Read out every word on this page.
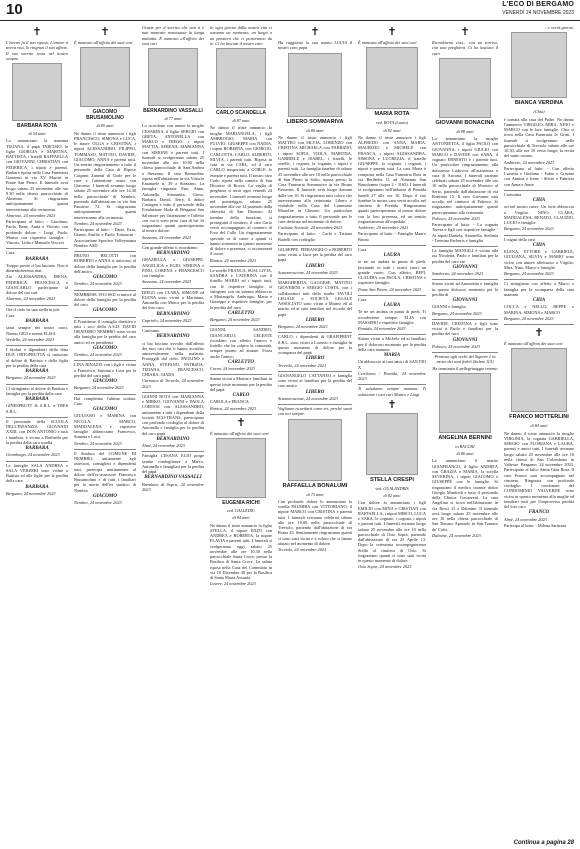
10	L'ECO DI BERGAMO
VENERDÌ 24 NOVEMBRE 2023
✝
L'eterno fa il suo riposo. L'amore ti aveva vita, lo ringrazi il suo affetto. Il suo sorriso resta nel nostro sempre.
BARBARA ROTA
di 54 anni
Lo annunciano la mamma TIZIANA, il papà TARCISIO, le figlie GIORGIA e MARTINA, BATTISTA, i fratelli RAFFAELLA con GIOVANNI, CHRISTIAN con FEDERICA, i nipoti e parenti. Barbara riposa nella Casa Funeraria Gonzenti in via XV Martiri in Ponte San Pietro. Il funerale avrà luogo sabato 25 novembre alle ore 9.30 nella chiesa parrocchiale di Almenno. Si ringraziano anticipatamente quanti interverranno alla cerimonia.
Almenno, 24 novembre 2023
Partecipano al lutto: - Giordano, Paola, Bene, Anna e Vittorio con profondo dolore - Luigi, Paola, Marisa con rispettive famiglie - Vittorio, Lidia e Manuela Vescovi
Cara
BARBARA
Troppo presto ci hai lasciato. Non ti dimenticheremo mai.
Zia ALESSANDRA, IRENA, FEDERICA, FRANCESCA e GIANCARLO partecipano al dolore del tuo cari.
Almenno, 24 novembre 2023
Ora il cielo ha una stella in più.
Cara
BARBARA
sarai sempre nei nostri cuori. Nonno GIGI e nonna ELISA
Verdello, 24 novembre 2023
I titolari e dipendenti della ditta DUE ORTOFRUTTA si uniscono al dolore di Battista e della figlia per la perdita della cara
BARBARA
Bergamo, 24 novembre 2023
Ci stringiamo al dolore di Battista e famiglia per la perdita della cara
BARBARA
GINESPRUTT & S.R.L. e TRES S.R.L.
Il personale della SCUOLA DELL'INFANZIA GIOVANNI XXIII, con DON ANTONIO e tutti i bambini, è vicino a Raffaella per la perdita della cara sorella
BARBARA
Gromlongo, 24 novembre 2023
Le famiglie SALA ANDREA e SALA VERZERI sono vicine a Battista ed alle figlie per la perdita della cara
BARBARA
Bergamo, 24 novembre 2023
✝
È mancato all'affetto dei suoi cari
GIACOMO BRUSAMOLINO
di 85 anni
Ne danno il triste annuncio i figli FRANCESCO, SIMONA e LUCA, le nuore OLGA e CRISTINA, i nipoti ALESSANDRO, FILIPPO, TOMMASO, MATTEO, DAVIDE, GIACOMO, ANNA e parenti tutti. Un sentito ringraziamento a tutto il personale della Casa di Riposo Casprini Zanenti di Gorle per le cure e l'attenzione avute con Giacomo. I funerali avranno luogo sabato 25 novembre alle ore 14.30 nella parrocchiale di Nembro, partendo dall'abitazione in via San Faustino 72. Si ringraziano anticipatamente quanti interverranno alla cerimonia.
Nembro, 24 novembre 2023
Partecipano al lutto: - Dario, Ezio, Gianni, Emilio e Paolo Tomasoni - Associazione Sportiva Volleymania Nembro ASD
BRUNO BELOTTI con ROBERTO e ANNA si uniscono al dolore della famiglia per la perdita dell'amico
GIACOMO
Nembro, 24 novembre 2023
NEMBRESE 1913 SSD si unisce al dolore della famiglia per la perdita del caro
GIACOMO
Il Presidente, il consiglio direttivo e tutti i soci della A.S.D. DAVID ORATORIO NEMBRO sono vicini alla famiglia per la perdita del caro amico ed ex presidente
GIACOMO
Nembro, 24 novembre 2023
LINA RINAZZI con i figli è vicina a Francesco, Simona e Luca per la perdita del caro papà
GIACOMO
Bergamo, 24 novembre 2023
Hai completato l'ultima scalata. Ciao
GIACOMO
GIULIANO e MARINA con NICOLA, MARCO, MADDALENA e rispettive famiglie abbracciano Francesco, Simona e Luca.
Nembro, 24 novembre 2023
Il Sindaco del COMUNE DI NEMBRO, unitamente agli assessori, consiglieri e dipendenti tutti, partecipa sentitamente al dolore dell'ex-assessore Francesco Brusamolino e di tutti i familiari per la morte dell'ex sindaco di Nembro
GIACOMO
Nembro, 24 novembre 2023
Grazie per il sorriso che non ti è mai mancato nonostante la lunga malattia. È mancato all'affetto dei suoi cari
BERNARDINO VASSALLI
di 77 anni
Lo ricordano con amore la moglie CESARINA, il figlio SERGIO con GRETA, ANTONELLA con MARCO e DIEGO, i nipoti MATTIA, SERENA, MARIANNA con SIMONE e parenti tutti. I funerali si svolgeranno sabato 25 novembre alle ore 10.00 nella chiesa parrocchiale di Sant'Andrea a Stezzano. Il caro Bernardino riposa nell'abitazione in via Vittorio Emanuele n. 39 a Stezzano. La famiglia ringrazia Ena, Anna, Antonella, Simonetta, Gioso, Barbara, David, Terry, il dottor Castagna e tutto il personale della Fondazione Hoda di Bérgamo San Salvatore per l'attenzione e l'affetto con cui si sono presi cura di lui. Si ringraziano quanti parteciperanno al nostro dolore.
Stezzano, 24 novembre 2023
Con grande affetto ti ricordiamo
BERNARDINO
GRAZIELLA e GIUSEPPE, ANGELICA e EGIO, SIMONA e PINO, LORENA e FRANCESCO con famiglie.
Stezzano, 24 novembre 2023
DIEGO con CLARA, SIMONE ed ELENA sono vicini a Marianna, Antonella con Marco per la perdita del loro caro
BERNARDINO
Capriolo, 24 novembre 2023
Carissimo
BERNARDINO
ci hai lasciato avvolto dall'affetto dei tuoi cari che ti hanno accudito amorevolmente nella malattia. Protoggili dal cielo. PAOLINO e ANNA, STEFANO, PATRIZIA, TIZIANA, FRANCESCO, CHIARA, GIADA
Curnasco di Treviolo, 24 novembre 2023
GIANNI ROTA con MARIANNA e MIRKO, GIOVANNI e PAOLA CORTESI con ALESSANDRO, unitamente a tutti i dipendenti della società ECO-TRANS, partecipano con profondo cordoglio al dolore di Antonella e famiglia per la perdita del caro papà
BERNARDINO
Almè, 24 novembre 2023
Famiglia CESANA ELIO porge sentite condoglianze a Marco, Antonella e famigliari per la perdita del papà
BERNARDINO VASSALLI
Brembate di Sopra, 24 novembre 2023
In ogni giorno dalla nostra vita ci saranno un momento, un luogo o un pensiero che ci porteranno da te. Ci ha lasciati il nostro caro
CARLO SCANDELLA
di 87 anni
Ne danno il triste annuncio la moglie MARIANGELA, i figli AMBROGIO, MARIA con FULVIO, GIUSEPPE con NADIA, i nipoti ROBERTA, con GIORGIO, CARLOTTA, CARLO, ALBERTO, SILVIA, i parenti tutti. Riposa in casa in via CARL, ed il caro CARLO trasportato a GORLE, le esequie e parenti tutti. Il nostro caro Carlo riposa nella camera di San Dionisio di Rovea. La veglia di preghiera si terrà ogni venerdì 24 novembre. I funerali avranno luogo nel pomeriggio, sabato 25 novembre alle ore 14 partendo dalla chiesetta di San Dionisio. Al termine della funzione, si proseguirà il cimitero, il caro Carlo verrà accompagnato al cimitero di Foro del Colle. Un ringraziamento speciale va di cuore a quanti ci hanno sostenuto in questo momento di dolore e presenza, ci accarezzerà il cuore.
Ranica, 24 novembre 2023
Le sorelle FRANCA, SUSI, LIVIA, SANDRA e CATERINA con il fratello MARIO ed i nipoti tutti, con le rispettive famiglie, si stringono con un intenso abbraccio a Mariangela, Ambrogio, Maria e Giuseppe e rispettive famiglie, per la perdita del caro
CARLETTO
Bergamo, 24 novembre 2023
GIANNI, SANDRO, GIANCARLO, CELESTE ricordano con affetto l'amico e fratello che ha colpito la comunità, sempre pronto ad aiutare. Forza anche l'amico
CARLETTO
Curno, 24 novembre 2023
Siamo vicini a Marina e familiari in questo triste momento per la perdita del papà
CARLO
CAROLA e FRANCA
Ranica, 24 novembre 2023
✝
È mancato all'affetto dei suoi cari
EUGENIA RICHI
ved. GALLEDIU
di 94 anni
Ne danno il triste annuncio la figlia STELLA, il nipote ENZO con ANDREA e ROBERTA, la nipote FLAVIA e parenti tutti. I funerali si svolgeranno oggi sabato 25 novembre alle ore 10.30 nella parrocchiale Santa Croce, presso la Basilica di Santa Croce. La salma riposa nella Casa del Commiato in via 10 Dicembre 40 per la Basilica di Santa Maria Assunta.
Lovere, 24 novembre 2023
✝
Ha raggiunto la sua amata LUCIA il nostro caro papà
LIBERO SOMMARIVA
di 80 anni
Ne danno il triste annuncio i figli MATTEO con SILVIA, LORENZO con CRISTINA MICHAELA con FABRIZIO, i nipoti SOFIA, VIOLA, MARTINA, GABRIELE e ISABEL, i fratelli, le sorelle, i cognati, le cognate, i nipoti e parenti tutti. La famiglia funebre di sabato 25 novembre alle ore 10 nella parrocchiale di San Pietro in Solto, riposa presso la Casa Funeraria Sommariva in via Bruno Passerini. Il funerale avrà luogo domani dalle ore 10. Si ringraziano tutti coloro che interverranno alla cerimonia. Libero e visitabile nella Casa del Commiato Monolite in Clusone. Un particolare ringraziamento a tutto il personale per le cure dedicate nel momento di dolore.
Castione Sorisole, 24 novembre 2023
Partecipano al lutto: - Carla e Tiziano Badelli con cordoglio
GIUSEPPE, PIERANGELO e ROBERTO sono vicini a Luca per la perdita del caro papà
LIBERO
Scanzorosciate, 24 novembre 2023
MARGHERITA, GAGGESE, MATTEO GIOVEBINI e SERGIO COSTA, con i collaboratori tutti dello studio TAVOLI LEGALE e SOCIETÀ LEGALE ASSOCIATO sono vicini a Matteo ed al marito ed ai suoi familiari nel ricordo del papà
LIBERO
Bergamo, 24 novembre 2023
CARLO, i dipendenti di GRAFIPRINT S.R.L. sono vicini a Lorenzo e famiglia in questo momento di dolore per la scomparsa del papà
LIBERO
Treviolo, 24 novembre 2023
GIANANGELO CATTANEO e famiglia sono vicini ai familiari per la perdita del caro amico
LIBERO
Scanzorosciate, 24 novembre 2023
Vogliamo ricordarti come eri, perché sarai con noi sempre.
RAFFAELLA BONALUMI
di 73 anni
Con profondo dolore lo annunciano la sorella PALMIRA con VITTORIANO, il nipote MARCO con CRISTINA e parenti tutti. I funerali verranno celebrati sabato alle ore 10.00 nella parrocchiale di Treviolo, partendo dall'abitazione di via Roma 43. Sentitamente ringraziamo quanti ci sono stati vicini e a coloro che ci hanno aiutato nel momento di dolore.
Treviolo, 24 novembre 2023
✝
È mancata all'affetto dei suoi cari
MARIA ROTA
ved. ROTA (Laura)
di 92 anni
Ne danno il triste annuncio i figli ALFREDO con ANNA MARIA, MAURIZIO e MICHELE con FRANCA, i nipoti ALESSANDRA, SIMONA e LUCREZIA, il fratello GIUSEPPE, la cognata, i cognati, i nipoti e parenti tutti. La cara Maria è composta nella Casa Funeraria Rota in via Berthelot 11 ad Almenno San Bartolomeo (sopra 2 - 3165). I funerali si svolgeranno nell'abbazia di Pontida lunedì 27 alle ore 10. Dopo il rito funebre la nostra cara verrà accolta nel cimitero di Pontida. Ringraziamo quanti parteciperanno al nostro dolore con la loro presenza, ed un sentito ringraziamento all'ospedale.
Ambivere, 24 novembre 2023
Partecipano al lutto: - Famiglia Mauro Bruno
Cara
LAURA
te ne sei andata in punta di piedi, lasciando in tutti i nostri cuori un grande vuoto. Con affetto, BEPI, CLAUDIA con PAOLA, CRISTINA e rispettive famiglie.
Ponte San Pietro, 24 novembre 2023
Cara
LAURA
Te ne sei andata in punta di piedi. Ti ricorderemo sempre. ELIA con MASSIMO e rispettive famiglie.
Pontida, 24 novembre 2023
Siamo vicini a Michele ed ai familiari per il doloroso momento per la perdita della cara mamma
MARIA
Un abbraccio ai tuoi amici di SAN PIO X
Cerchiara - Pontida, 24 novembre 2023
Ti salutiamo sempre mamma. Ti salutiamo i tuoi cari Matteo e Luigi
✝
STELLA CRESPI
ved. GUALANDRIS
di 82 anni
Con dolore lo annunciano i figli EMILIO con MINA e CRISTIAN con RAFFAELLA, i nipoti MIRCO, LUCA e SARA, le cognate, i cognati, i nipoti e parenti tutti. I funerali avranno luogo sabato 25 novembre alle ore 10 nella parrocchiale di Osio Sopra, partendo dall'abitazione di via 25 Aprile 13. Dopo la cerimonia accompagneremo Stella al cimitero di Osio. Si ringraziano quanti ci sono stati vicini in questo momento di dolore.
Osio Sopra, 24 novembre 2023
✝
Ricordatemi così... con un sorriso, con una preghiera. Ci ha lasciato il caro
GIOVANNI BONACINA
di 88 anni
Lo annunciano la moglie ANTONIETTA, il figlio PAOLO con GIOVANNA, i nipoti GIULIO con MARCO e DAVIDE con SARA, il cognato ERNESTO e i parenti tutti. Un particolare ringraziamento alla dottoressa Ludovica all'assistenza e cura di Ancona. I funerali saranno celebrati sabato 25 novembre alle ore 10 nella parrocchiale di Mornico al Serio, partendo dall'abitazione di via Bonfanti 15. Il caro Giovanni sarà accolto nel cimitero di Palosco. Si ringraziano anticipatamente quanti parteciperanno alla cerimonia.
Palosco, 24 novembre 2023
Partecipano al lutto: - La cognata Teresa e figli con rispettive famiglie - Ai nipoti Daniela, Antonella, Stefania - Teresina Facheris e famiglia
La famiglia MANGILI è vicina alla zia Nicoletta, Paolo e familiari per la perdita del caro zio
GIOVANNI
Sombreno, 24 novembre 2023
Siamo vicini ad Antonietta e famiglia in questo doloroso momento per la perdita di
GIOVANNI
GIANNI e famiglia
Bergamo, 24 novembre 2023
DAVIDE, CRISTINA e figli sono vicini a Paolo e familiari per la perdita del caro
GIOVANNI
Palosco, 24 novembre 2023
Preziosa agli occhi del Signore è la morte dei suoi fedeli (Salmo 115)
Ha terminato il pellegrinaggio terreno
ANGELINA BERNINI
in BACCHI
di 86 anni
La annunciano il marito GIANFRANCO, il figlio ANDREA con GRAZIA e MARIA, la sorella SEVERINA, i nipoti GIACOMO e GIUSEPPE con le famiglie. Si ringraziano il medico curante dottor Giorgio Manfredi e tutto il personale della Clinica Gavazzeni. La cara Angelina si trova nell'abitazione in via Rossi 15 a Dalmine. Il funerale avrà luogo sabato 25 novembre alle ore 10 nella chiesa parrocchiale di San Tomaso Apostolo in San Tomaso de' Calvi.
Dalmine, 24 novembre 2023
...e verrà giorno.
BIANCA VERDINA
(Chia)
è tornata alla casa del Padre. Ne danno l'annuncio VIRGILIO, MIRA, NINO e MARCO con le loro famiglie. Chia si trova nella Casa Funeraria Iv Gritti. I funerali si svolgeranno nella parrocchiale di Treviolo sabato alle ore 10.30, alle ore 10 verso luogo; la recita del santo rosario.
Ambivere, 24 novembre 2023
Partecipano al lutto: - Con affetto Luisetta e Giuliana - Fabio e Cristina con Annina e Irene - Silvio e Fabrizio con Anna e Anna
Carissima
CHIA
sei nel nostro cuore. Un forte abbraccio a Virgilio. NINO, CLARA, MADDALENA, RENATO, CLAUDIO, LUCIO e famiglie.
Bergamo, 24 novembre 2023
I cugini della cara
CHIA
ELENA, ETTORE e GABRIELE, GIULIANA, SILVIA e MARIO sono vicini con amore affettuoso a Virgilio, Mira, Nino, Marco e famiglie.
Bergamo, 24 novembre 2023
Ci stringiamo con affetto a Marco e famiglia per la scomparsa della cara mamma
CHIA
COCCA e NELLO, BEPPE e MARINA, SIMONA e MARCO
Bergamo, 24 novembre 2023
✝
È mancato all'affetto dei suoi cari
FRANCO MOTTERLINI
di 84 anni
Ne danno il triste annuncio la moglie VIRGINIA, la cognata GABRIELLA, SERGIO con FLORIANA e LAURA, parenti e amici tutti. I funerali avranno luogo sabato 25 novembre alle ore 10 nella chiesa di San Colombano in Valtesse. Bergamo, 24 novembre 2023. Partecipano al lutto: Santa Gina Rosa. Il caro Franco sarà accompagnato nel cimitero. Ringrazia con profondo cordoglio. I condomini del CONDOMINIO VALVERDE sono vicini in questo momento alla moglie ed familiari tutti per l'improvvisa perdita del loro caro
FRANCO
Almè, 24 novembre 2023
Partecipa al lutto: - Milena Sartirani
Continua a pagina 28
